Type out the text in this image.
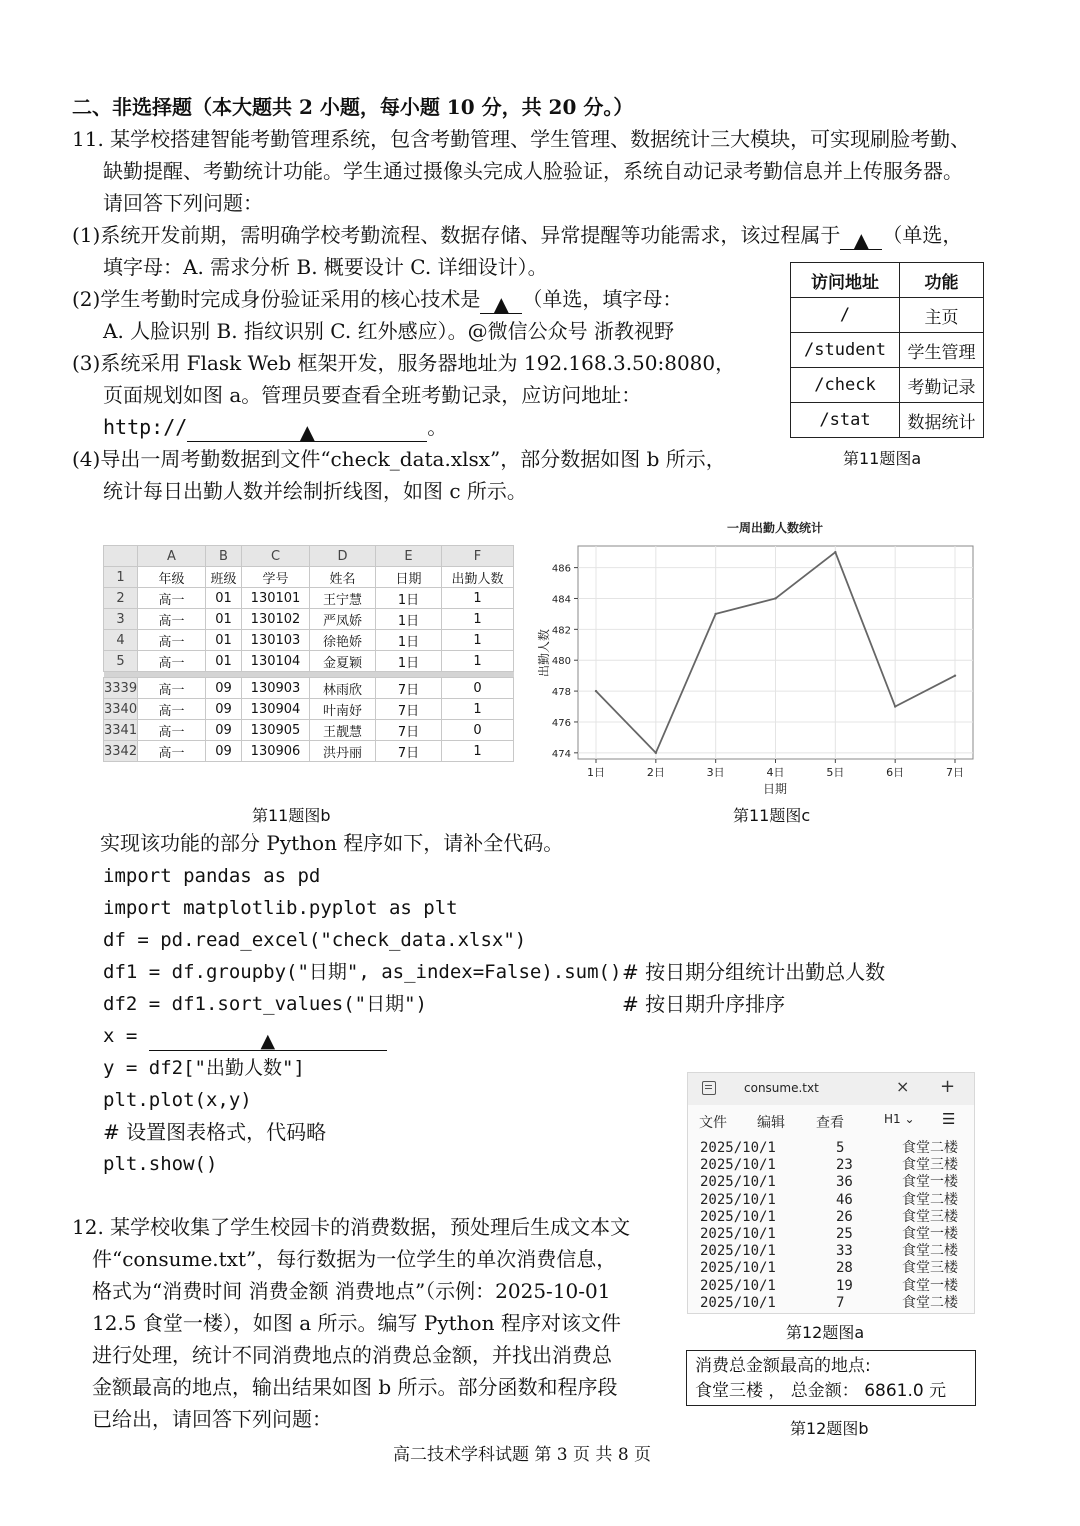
二、非选择题（本大题共 2 小题，每小题 10 分，共 20 分。）
11. 某学校搭建智能考勤管理系统，包含考勤管理、学生管理、数据统计三大模块，可实现刷脸考勤、
缺勤提醒、考勤统计功能。学生通过摄像头完成人脸验证，系统自动记录考勤信息并上传服务器。
请回答下列问题：
(1)系统开发前期，需明确学校考勤流程、数据存储、异常提醒等功能需求，该过程属于 ▲ （单选，
填字母：A. 需求分析 B. 概要设计 C. 详细设计）。
(2)学生考勤时完成身份验证采用的核心技术是 ▲ （单选，填字母：
A. 人脸识别 B. 指纹识别 C. 红外感应）。@微信公众号 浙教视野
(3)系统采用 Flask Web 框架开发，服务器地址为 192.168.3.50:8080，
页面规划如图 a。管理员要查看全班考勤记录，应访问地址：
http://	▲	。
(4)导出一周考勤数据到文件“check_data.xlsx”，部分数据如图 b 所示，
统计每日出勤人数并绘制折线图，如图 c 所示。
访问地址	功能
/	主页
/student	学生管理
/check	考勤记录
/stat	数据统计
第11题图a
	A	B	C	D	E	F
1	年级	班级	学号	姓名	日期	出勤人数
2	高一	01	130101	王宁慧	1日	1
3	高一	01	130102	严凤娇	1日	1
4	高一	01	130103	徐艳娇	1日	1
5	高一	01	130104	金夏颖	1日	1

3339	高一	09	130903	林雨欣	7日	0
3340	高一	09	130904	叶南妤	7日	1
3341	高一	09	130905	王靓慧	7日	0
3342	高一	09	130906	洪丹丽	7日	1
第11题图b
一周出勤人数统计
474
476
478
480
482
484
486
1日	2日	3日	4日	5日	6日	7日
日期
出勤人数
第11题图c
实现该功能的部分 Python 程序如下，请补全代码。
import pandas as pd
import matplotlib.pyplot as plt
df = pd.read_excel("check_data.xlsx")
df1 = df.groupby("日期", as_index=False).sum() # 按日期分组统计出勤总人数
df2 = df1.sort_values("日期")	# 按日期升序排序
x =	▲
y = df2["出勤人数"]
plt.plot(x,y)
# 设置图表格式，代码略
plt.show()
consume.txt	× +
文件 编辑 查看	H1 ⌄ ☰
2025/10/1	5	食堂二楼
2025/10/1	23	食堂三楼
2025/10/1	36	食堂一楼
2025/10/1	46	食堂二楼
2025/10/1	26	食堂三楼
2025/10/1	25	食堂一楼
2025/10/1	33	食堂二楼
2025/10/1	28	食堂三楼
2025/10/1	19	食堂一楼
2025/10/1	7	食堂二楼
第12题图a
消费总金额最高的地点:
食堂三楼 ， 总金额： 6861.0 元
第12题图b
12. 某学校收集了学生校园卡的消费数据，预处理后生成文本文
件“consume.txt”，每行数据为一位学生的单次消费信息，
格式为“消费时间 消费金额 消费地点”（示例：2025-10-01
12.5 食堂一楼），如图 a 所示。编写 Python 程序对该文件
进行处理，统计不同消费地点的消费总金额，并找出消费总
金额最高的地点，输出结果如图 b 所示。部分函数和程序段
已给出，请回答下列问题：
高二技术学科试题 第 3 页 共 8 页
